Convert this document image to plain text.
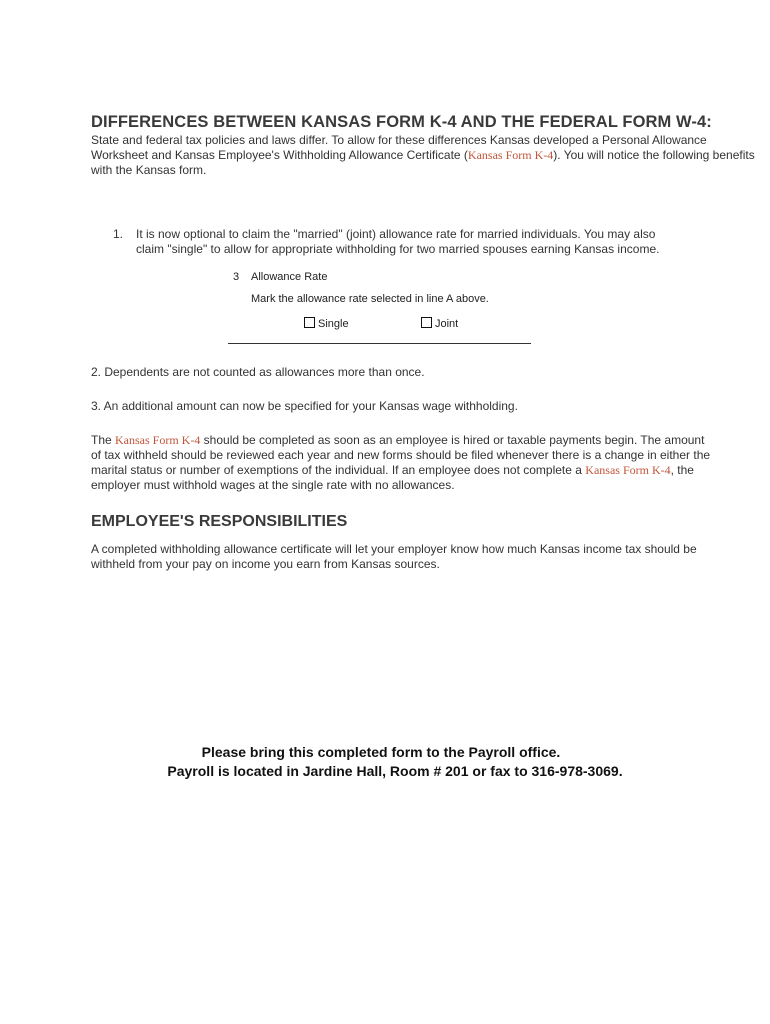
DIFFERENCES BETWEEN KANSAS FORM K-4 AND THE FEDERAL FORM W-4:
State and federal tax policies and laws differ. To allow for these differences Kansas developed a Personal Allowance Worksheet and Kansas Employee's Withholding Allowance Certificate (Kansas Form K-4). You will notice the following benefits with the Kansas form.
1. It is now optional to claim the "married" (joint) allowance rate for married individuals. You may also claim "single" to allow for appropriate withholding for two married spouses earning Kansas income.
3 Allowance Rate
Mark the allowance rate selected in line A above.
Single	Joint
2. Dependents are not counted as allowances more than once.
3. An additional amount can now be specified for your Kansas wage withholding.
The Kansas Form K-4 should be completed as soon as an employee is hired or taxable payments begin. The amount of tax withheld should be reviewed each year and new forms should be filed whenever there is a change in either the marital status or number of exemptions of the individual. If an employee does not complete a Kansas Form K-4, the employer must withhold wages at the single rate with no allowances.
EMPLOYEE'S RESPONSIBILITIES
A completed withholding allowance certificate will let your employer know how much Kansas income tax should be withheld from your pay on income you earn from Kansas sources.
Please bring this completed form to the Payroll office.
Payroll is located in Jardine Hall, Room # 201 or fax to 316-978-3069.
